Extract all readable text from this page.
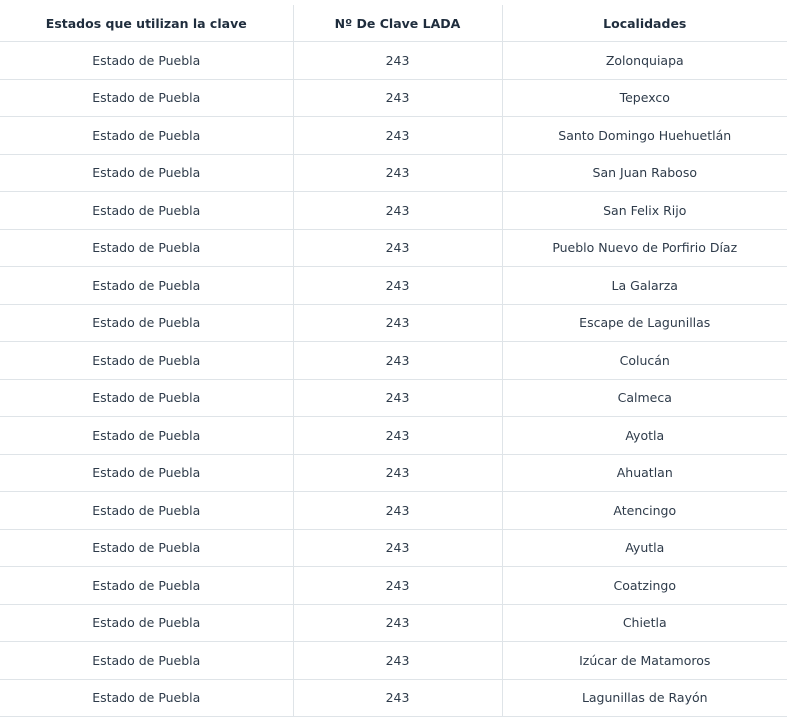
Estados que utilizan la clave	Nº De Clave LADA	Localidades
Estado de Puebla	243	Zolonquiapa
Estado de Puebla	243	Tepexco
Estado de Puebla	243	Santo Domingo Huehuetlán
Estado de Puebla	243	San Juan Raboso
Estado de Puebla	243	San Felix Rijo
Estado de Puebla	243	Pueblo Nuevo de Porfirio Díaz
Estado de Puebla	243	La Galarza
Estado de Puebla	243	Escape de Lagunillas
Estado de Puebla	243	Colucán
Estado de Puebla	243	Calmeca
Estado de Puebla	243	Ayotla
Estado de Puebla	243	Ahuatlan
Estado de Puebla	243	Atencingo
Estado de Puebla	243	Ayutla
Estado de Puebla	243	Coatzingo
Estado de Puebla	243	Chietla
Estado de Puebla	243	Izúcar de Matamoros
Estado de Puebla	243	Lagunillas de Rayón
